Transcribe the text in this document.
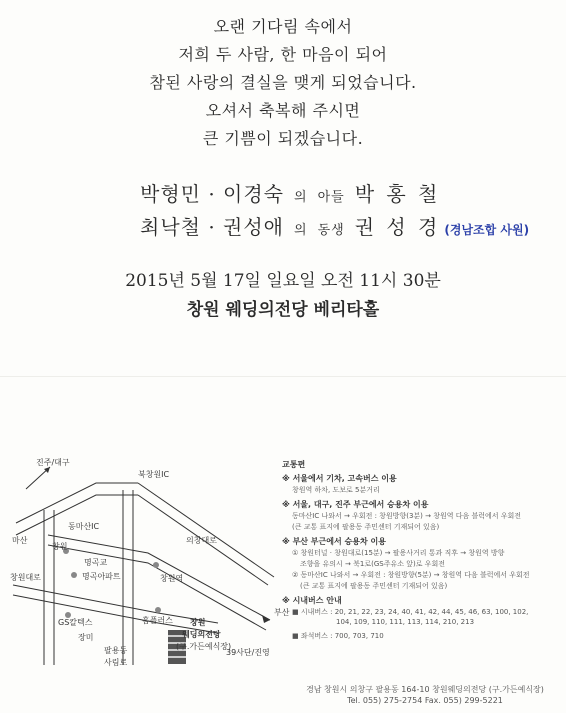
오랜 기다림 속에서
저희 두 사람, 한 마음이 되어
참된 사랑의 결실을 맺게 되었습니다.
오셔서 축복해 주시면
큰 기쁨이 되겠습니다.
박형민 · 이경숙 의 아들 박 홍 철
최낙철 · 권성애 의 동생 권 성 경 (경남조합 사원)
2015년 5월 17일 일요일 오전 11시 30분
창원 웨딩의전당 베리타홀
진주/대구
북창원IC
마산
동마산IC
창원
명곡교
명곡아파트	창원역
GS칼텍스
창원대로
장미
사림로
팔용동
홈플러스 창원
웨딩의전당
(구.가든예식장)
부산
39사단/진영
의창대로
교통편
※ 서울에서 기차, 고속버스 이용
창원역 하차, 도보로 5분거리
※ 서울, 대구, 진주 부근에서 승용차 이용
동마산IC 나와서 → 우회전 : 창원방향(3분) → 창원역 다음 블럭에서 우회전
(큰 교통 표지에 팔용동 주민센터 기재되어 있음)
※ 부산 부근에서 승용차 이용
① 창원터널 · 창원대로(15분) → 팔용사거리 통과 직후 → 창원역 방향
조향을 유의시 → 북1로(GS주유소 앞)로 우회전
② 동마산IC 나와서 → 우회전 : 창원방향(5분) → 창원역 다음 블럭에서 우회전
(큰 교통 표지에 팔용동 주민센터 기재되어 있음)
※ 시내버스 안내
■ 시내버스 : 20, 21, 22, 23, 24, 40, 41, 42, 44, 45, 46, 63, 100, 102,
104, 109, 110, 111, 113, 114, 210, 213
■ 좌석버스 : 700, 703, 710
경남 창원시 의창구 팔용동 164-10 창원웨딩의전당 (구.가든예식장)
Tel. 055) 275-2754 Fax. 055) 299-5221
